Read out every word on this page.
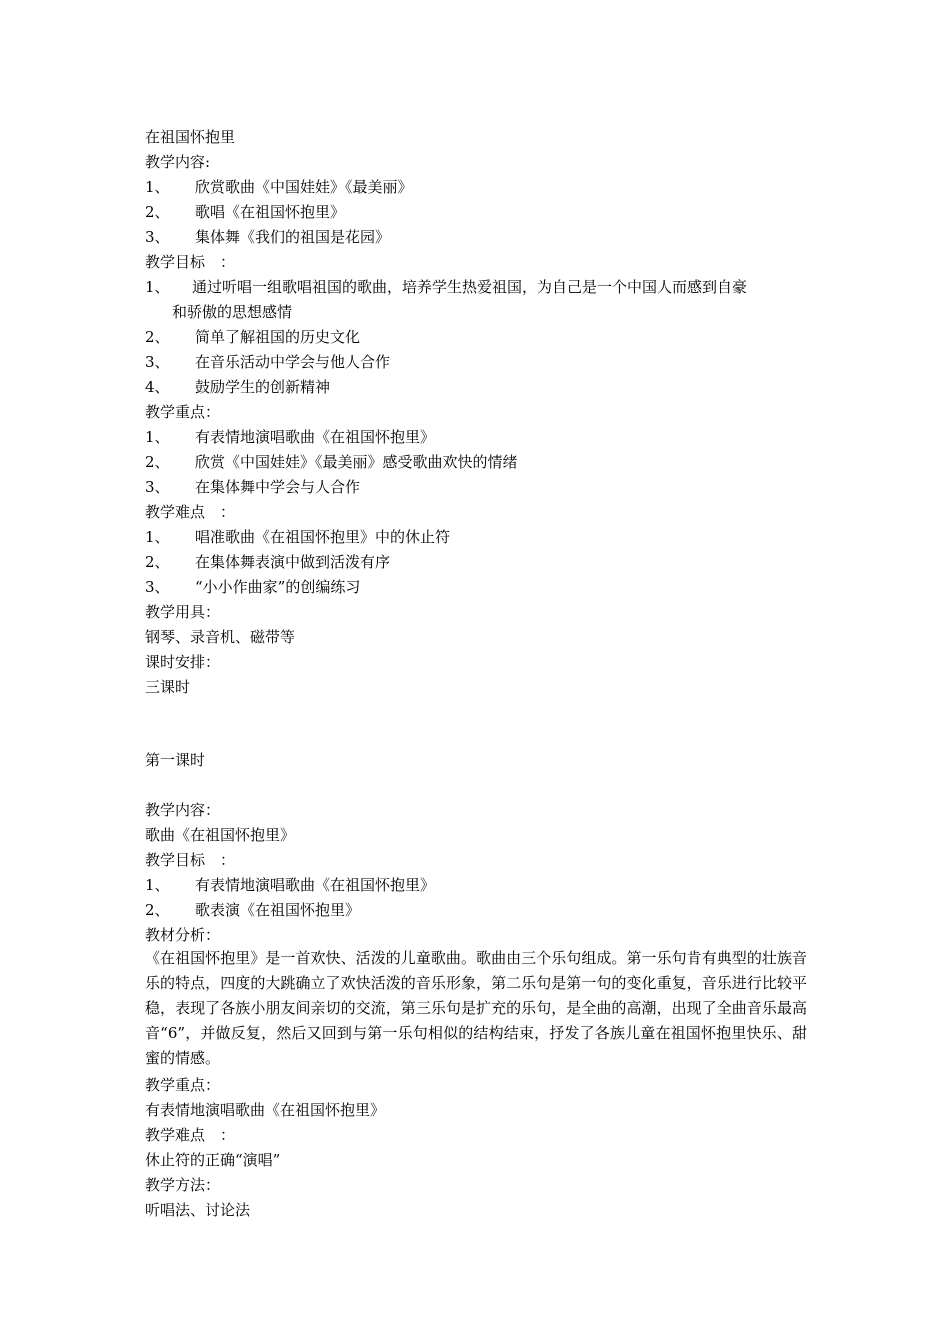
在祖国怀抱里
教学内容:
1、 欣赏歌曲《中国娃娃》《最美丽》
2、 歌唱《在祖国怀抱里》
3、 集体舞《我们的祖国是花园》
教学目标　：
1、 通过听唱一组歌唱祖国的歌曲，培养学生热爱祖国，为自己是一个中国人而感到自豪
和骄傲的思想感情
2、 简单了解祖国的历史文化
3、 在音乐活动中学会与他人合作
4、 鼓励学生的创新精神
教学重点：
1、 有表情地演唱歌曲《在祖国怀抱里》
2、 欣赏《中国娃娃》《最美丽》感受歌曲欢快的情绪
3、 在集体舞中学会与人合作
教学难点　：
1、 唱准歌曲《在祖国怀抱里》中的休止符
2、 在集体舞表演中做到活泼有序
3、 “小小作曲家”的创编练习
教学用具：
钢琴、录音机、磁带等
课时安排：
三课时
第一课时
教学内容：
歌曲《在祖国怀抱里》
教学目标　：
1、 有表情地演唱歌曲《在祖国怀抱里》
2、 歌表演《在祖国怀抱里》
教材分析：
《在祖国怀抱里》是一首欢快、活泼的儿童歌曲。歌曲由三个乐句组成。第一乐句肯有典型的壮族音乐的特点，四度的大跳确立了欢快活泼的音乐形象，第二乐句是第一句的变化重复，音乐进行比较平稳，表现了各族小朋友间亲切的交流，第三乐句是扩充的乐句，是全曲的高潮，出现了全曲音乐最高音“6”，并做反复，然后又回到与第一乐句相似的结构结束，抒发了各族儿童在祖国怀抱里快乐、甜蜜的情感。
教学重点：
有表情地演唱歌曲《在祖国怀抱里》
教学难点　：
休止符的正确“演唱”
教学方法：
听唱法、讨论法
